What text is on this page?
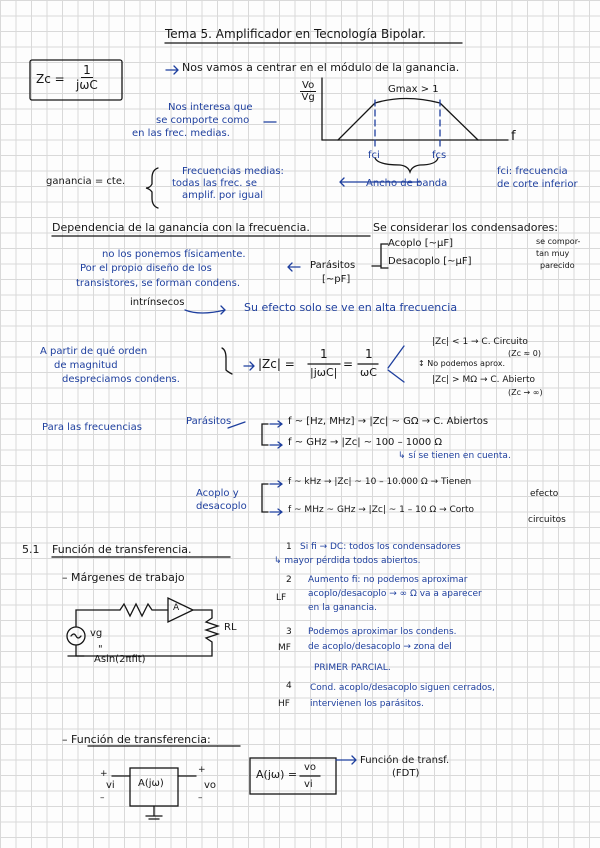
Tema 5. Amplificador en Tecnología Bipolar.
Zc =
1
jωC
Nos vamos a centrar en el módulo de la ganancia.
Nos interesa que
se comporte como
en las frec. medias.
$\frac{Vo}{Vg}$	Gmax > 1
f
fci	fcs
ganancia = cte.
Frecuencias medias:
todas las frec. se
amplif. por igual
Ancho de banda
fci: frecuencia
de corte inferior
Dependencia de la ganancia con la frecuencia.	Se considerar los condensadores:
Acoplo [~µF]
Desacoplo [~µF]
se compor-
tan muy
parecido
Parásitos
[~pF]
no los ponemos físicamente.
Por el propio diseño de los
transistores, se forman condens.
intrínsecos	Su efecto solo se ve en alta frecuencia
A partir de qué orden
de magnitud
despreciamos condens.
|Zc| =
1
|jωC|
=
1
ωC
|Zc| < 1 → C. Circuito
(Zc ≈ 0)
↕ No podemos aprox.
|Zc| > MΩ → C. Abierto
(Zc → ∞)
Para las frecuencias
Parásitos	f ~ [Hz, MHz] → |Zc| ~ GΩ → C. Abiertos
f ~ GHz → |Zc| ~ 100 – 1000 Ω
↳ sí se tienen en cuenta.
Acoplo y
desacoplo
f ~ kHz → |Zc| ~ 10 – 10.000 Ω → Tienen
efecto
f ~ MHz ~ GHz → |Zc| ~ 1 – 10 Ω → Corto
circuitos
5.1 Función de transferencia.
– Márgenes de trabajo
vg
"
Asin(2πfit)
RL
A
1 Si fi → DC: todos los condensadores
↳ mayor pérdida todos abiertos.
2
LF
Aumento fi: no podemos aproximar
acoplo/desacoplo → ∞ Ω va a aparecer
en la ganancia.
3
MF
Podemos aproximar los condens.
de acoplo/desacoplo → zona del
PRIMER PARCIAL.
4
HF
Cond. acoplo/desacoplo siguen cerrados,
intervienen los parásitos.
– Función de transferencia:
A(jω)
+
vi
–
+
vo
–
A(jω) =
vo
vi
Función de transf.
(FDT)
